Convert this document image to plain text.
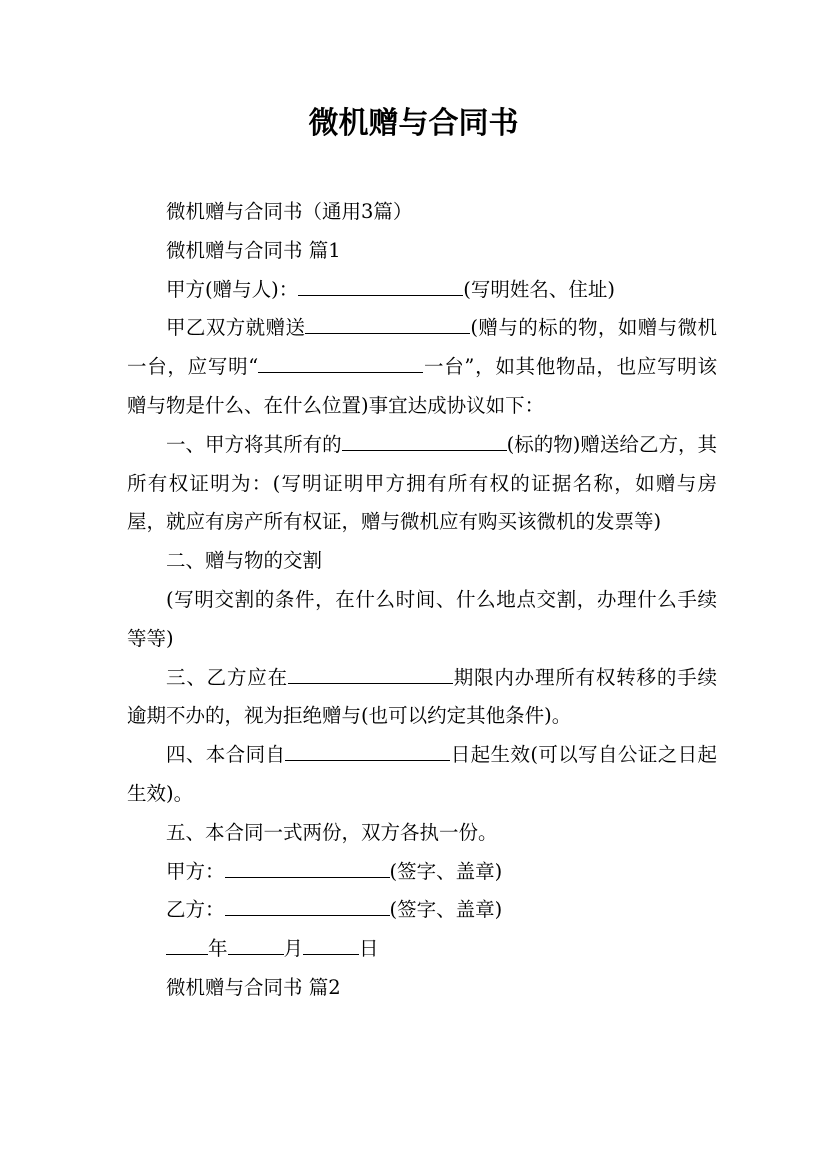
微机赠与合同书

微机赠与合同书（通用3篇）

微机赠与合同书 篇1

甲方(赠与人)：	(写明姓名、住址)

甲乙双方就赠送	(赠与的标的物，如赠与微机一台，应写明“	一台”，如其他物品，也应写明该赠与物是什么、在什么位置)事宜达成协议如下：

一、甲方将其所有的	(标的物)赠送给乙方，其所有权证明为：(写明证明甲方拥有所有权的证据名称，如赠与房屋，就应有房产所有权证，赠与微机应有购买该微机的发票等)

二、赠与物的交割

(写明交割的条件，在什么时间、什么地点交割，办理什么手续等等)

三、乙方应在	期限内办理所有权转移的手续逾期不办的，视为拒绝赠与(也可以约定其他条件)。

四、本合同自	日起生效(可以写自公证之日起生效)。

五、本合同一式两份，双方各执一份。

甲方：	(签字、盖章)

乙方：	(签字、盖章)

年	月	日

微机赠与合同书 篇2
